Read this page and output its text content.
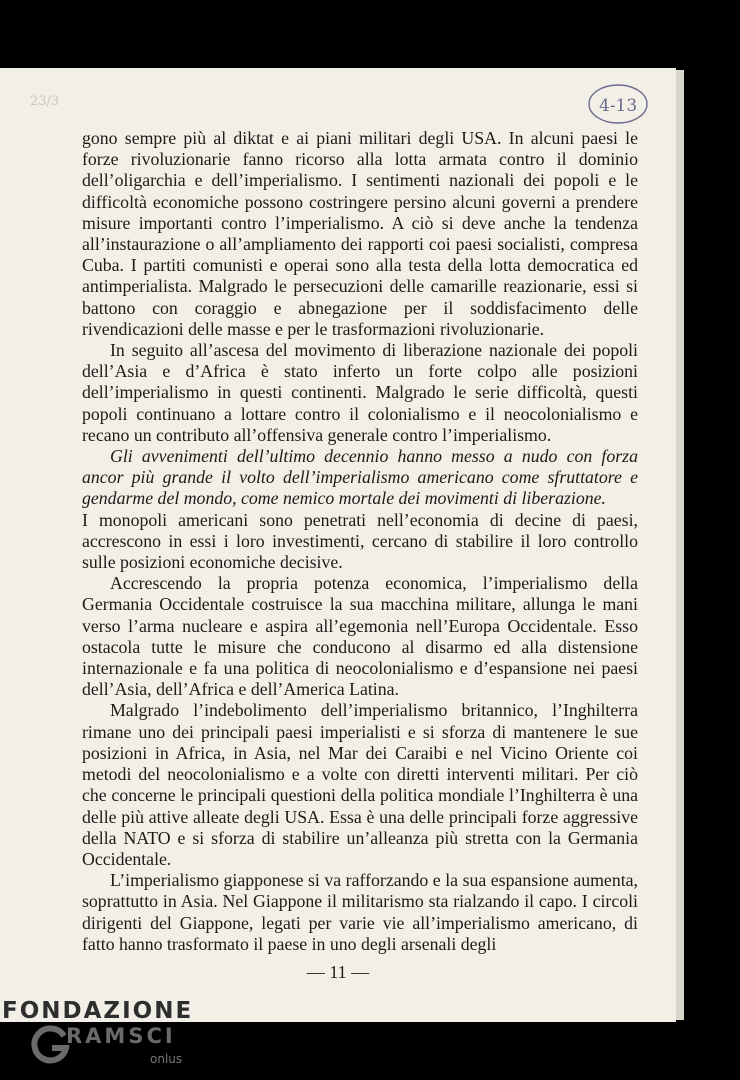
23/3	4-13

gono sempre più al diktat e ai piani militari degli USA. In alcuni paesi le forze rivoluzionarie fanno ricorso alla lotta armata contro il dominio dell’oligarchia e dell’imperialismo. I sentimenti nazionali dei popoli e le difficoltà economiche possono costringere persino alcuni governi a prendere misure importanti contro l’imperialismo. A ciò si deve anche la tendenza all’instaurazione o all’ampliamento dei rapporti coi paesi socialisti, compresa Cuba. I partiti comunisti e operai sono alla testa della lotta democratica ed antimperialista. Malgrado le persecuzioni delle camarille reazionarie, essi si battono con coraggio e abnegazione per il soddisfacimento delle rivendicazioni delle masse e per le trasformazioni rivoluzionarie.

In seguito all’ascesa del movimento di liberazione nazionale dei popoli dell’Asia e d’Africa è stato inferto un forte colpo alle posizioni dell’imperialismo in questi continenti. Malgrado le serie difficoltà, questi popoli continuano a lottare contro il colonialismo e il neocolonialismo e recano un contributo all’offensiva generale contro l’imperialismo.

Gli avvenimenti dell’ultimo decennio hanno messo a nudo con forza ancor più grande il volto dell’imperialismo americano come sfruttatore e gendarme del mondo, come nemico mortale dei movimenti di liberazione.

I monopoli americani sono penetrati nell’economia di decine di paesi, accrescono in essi i loro investimenti, cercano di stabilire il loro controllo sulle posizioni economiche decisive.

Accrescendo la propria potenza economica, l’imperialismo della Germania Occidentale costruisce la sua macchina militare, allunga le mani verso l’arma nucleare e aspira all’egemonia nell’Europa Occidentale. Esso ostacola tutte le misure che conducono al disarmo ed alla distensione internazionale e fa una politica di neocolonialismo e d’espansione nei paesi dell’Asia, dell’Africa e dell’America Latina.

Malgrado l’indebolimento dell’imperialismo britannico, l’Inghilterra rimane uno dei principali paesi imperialisti e si sforza di mantenere le sue posizioni in Africa, in Asia, nel Mar dei Caraibi e nel Vicino Oriente coi metodi del neocolonialismo e a volte con diretti interventi militari. Per ciò che concerne le principali questioni della politica mondiale l’Inghilterra è una delle più attive alleate degli USA. Essa è una delle principali forze aggressive della NATO e si sforza di stabilire un’alleanza più stretta con la Germania Occidentale.

L’imperialismo giapponese si va rafforzando e la sua espansione aumenta, soprattutto in Asia. Nel Giappone il militarismo sta rialzando il capo. I circoli dirigenti del Giappone, legati per varie vie all’imperialismo americano, di fatto hanno trasformato il paese in uno degli arsenali degli

— 11 —
FONDAZIONE
RAMSCI
onlus
